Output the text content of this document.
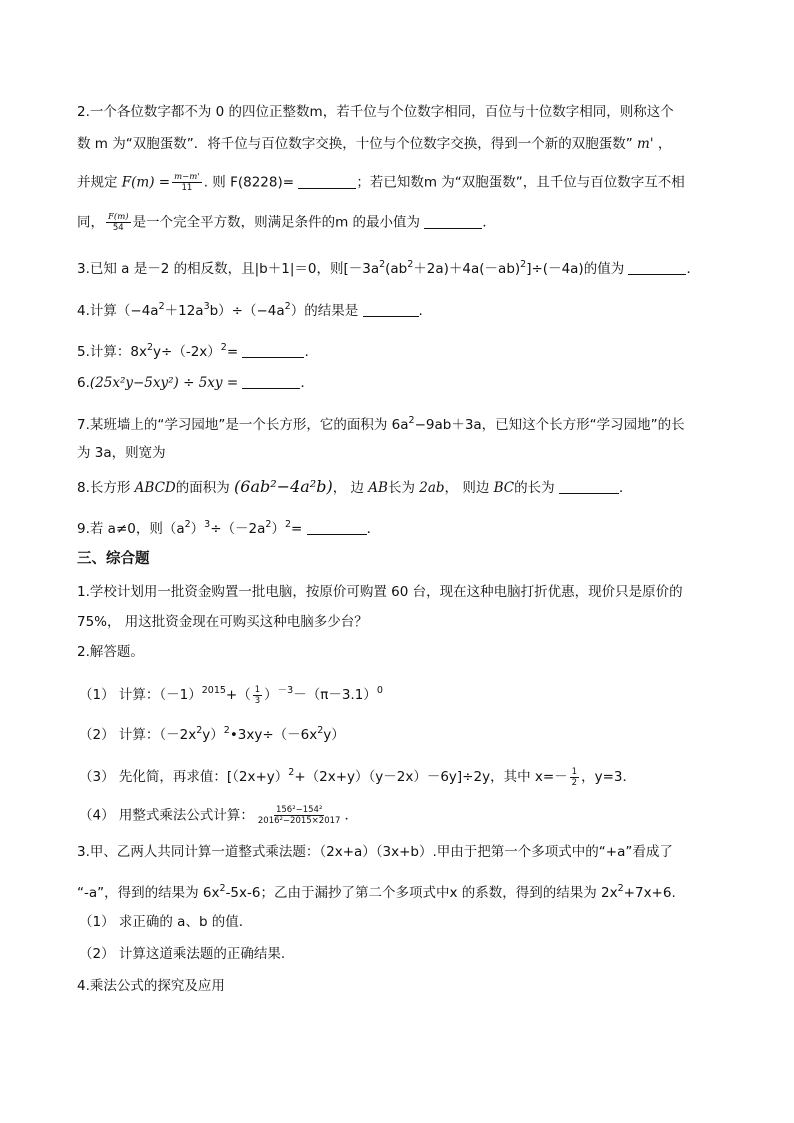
2.一个各位数字都不为 0 的四位正整数m，若千位与个位数字相同，百位与十位数字相同，则称这个
数 m 为“双胞蛋数”．将千位与百位数字交换，十位与个位数字交换，得到一个新的双胞蛋数” m' ，
并规定 $F(m) = \frac{m-m'}{11}$ . 则 F(8228)=	；若已知数m 为“双胞蛋数”，且千位与百位数字互不相
同， $\frac{F(m)}{54}$ 是一个完全平方数，则满足条件的m 的最小值为	．
3.已知 a 是－2 的相反数，且|b＋1|＝0，则$[-3a^2(ab^2+2a)+4a(-ab)^2]\div(-4a)$的值为	．
4.计算$(-4a^2+12a^3b)\div(-4a^2)$的结果是	.
5.计算：$8x^2y\div(-2x)^2=$	.
6.(25x²y−5xy²) ÷ 5xy =	．
7.某班墙上的“学习园地”是一个长方形，它的面积为 $6a^2-9ab+3a$，已知这个长方形“学习园地”的长
为 3a，则宽为
8.长方形 ABCD的面积为 (6ab²−4a²b)， 边 AB长为 2ab， 则边 BC的长为	．
9.若 a≠0，则$(a^2)^3\div(-2a^2)^2=$	．
三、综合题
1.学校计划用一批资金购置一批电脑，按原价可购置 60 台，现在这种电脑打折优惠，现价只是原价的
75%， 用这批资金现在可购买这种电脑多少台？
2.解答题。
（1） 计算：$(-1)^{2015}+( \frac{1}{3} )^{-3}-(\pi-3.1)^0$
（2） 计算：$(-2x^2y)^2•3xy\div(-6x^2y)$
（3） 先化简，再求值：$[(2x+y)^2+(2x+y)(y-2x)-6y]\div 2y$，其中 $x=- \frac{1}{2}$ ，y=3．
（4） 用整式乘法公式计算： $\frac{\text{156²−154²}}{\text{2016²−2015×2017}}$ ．
3.甲、乙两人共同计算一道整式乘法题：（2x+a）（3x+b）.甲由于把第一个多项式中的“+a”看成了
“-a”，得到的结果为 $6x^2-5x-6$；乙由于漏抄了第二个多项式中x 的系数，得到的结果为 $2x^2+7x+6$.
（1） 求正确的 a、b 的值.
（2） 计算这道乘法题的正确结果.
4.乘法公式的探究及应用
